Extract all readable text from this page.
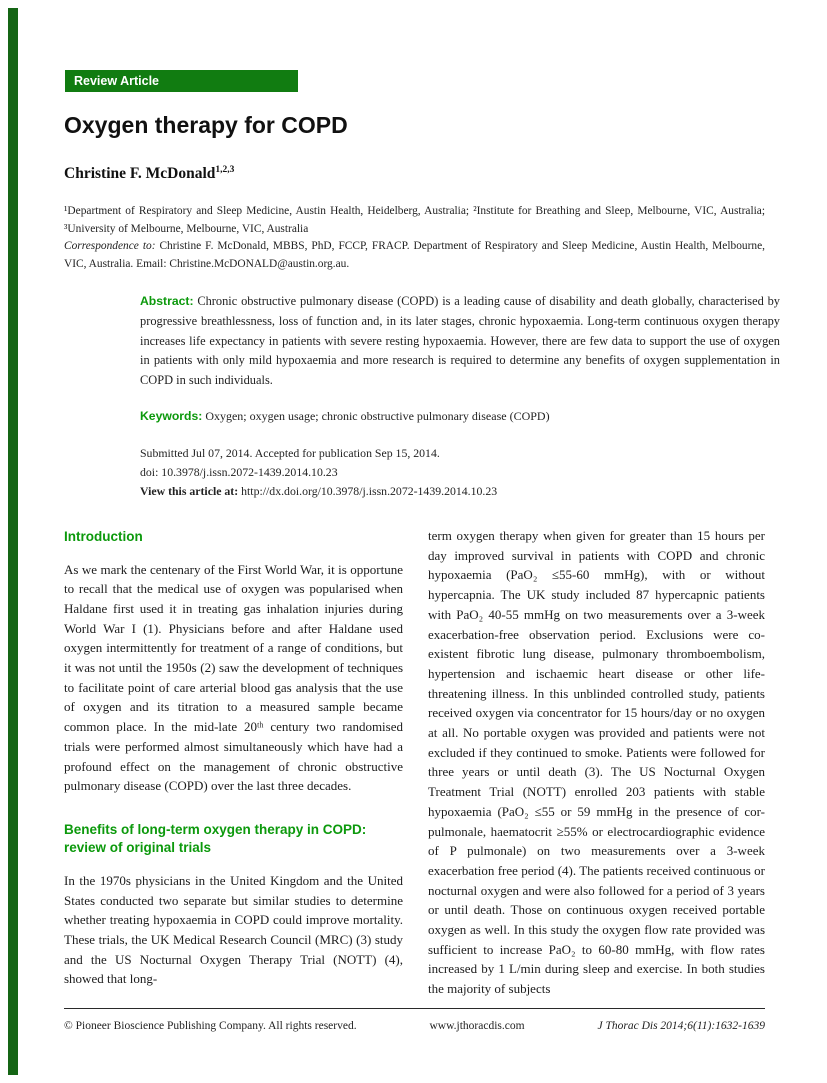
Review Article
Oxygen therapy for COPD
Christine F. McDonald$^{1,2,3}$
¹Department of Respiratory and Sleep Medicine, Austin Health, Heidelberg, Australia; ²Institute for Breathing and Sleep, Melbourne, VIC, Australia; ³University of Melbourne, Melbourne, VIC, Australia
Correspondence to: Christine F. McDonald, MBBS, PhD, FCCP, FRACP. Department of Respiratory and Sleep Medicine, Austin Health, Melbourne, VIC, Australia. Email: Christine.McDONALD@austin.org.au.
Abstract: Chronic obstructive pulmonary disease (COPD) is a leading cause of disability and death globally, characterised by progressive breathlessness, loss of function and, in its later stages, chronic hypoxaemia. Long-term continuous oxygen therapy increases life expectancy in patients with severe resting hypoxaemia. However, there are few data to support the use of oxygen in patients with only mild hypoxaemia and more research is required to determine any benefits of oxygen supplementation in COPD in such individuals.
Keywords: Oxygen; oxygen usage; chronic obstructive pulmonary disease (COPD)
Submitted Jul 07, 2014. Accepted for publication Sep 15, 2014.
doi: 10.3978/j.issn.2072-1439.2014.10.23
View this article at: http://dx.doi.org/10.3978/j.issn.2072-1439.2014.10.23
Introduction

As we mark the centenary of the First World War, it is opportune to recall that the medical use of oxygen was popularised when Haldane first used it in treating gas inhalation injuries during World War I (1). Physicians before and after Haldane used oxygen intermittently for treatment of a range of conditions, but it was not until the 1950s (2) saw the development of techniques to facilitate point of care arterial blood gas analysis that the use of oxygen and its titration to a measured sample became common place. In the mid-late 20ᵗʰ century two randomised trials were performed almost simultaneously which have had a profound effect on the management of chronic obstructive pulmonary disease (COPD) over the last three decades.

Benefits of long-term oxygen therapy in COPD: review of original trials

In the 1970s physicians in the United Kingdom and the United States conducted two separate but similar studies to determine whether treating hypoxaemia in COPD could improve mortality. These trials, the UK Medical Research Council (MRC) (3) study and the US Nocturnal Oxygen Therapy Trial (NOTT) (4), showed that long-

term oxygen therapy when given for greater than 15 hours per day improved survival in patients with COPD and chronic hypoxaemia (PaO₂ ≤55-60 mmHg), with or without hypercapnia. The UK study included 87 hypercapnic patients with PaO₂ 40-55 mmHg on two measurements over a 3-week exacerbation-free observation period. Exclusions were co-existent fibrotic lung disease, pulmonary thromboembolism, hypertension and ischaemic heart disease or other life-threatening illness. In this unblinded controlled study, patients received oxygen via concentrator for 15 hours/day or no oxygen at all. No portable oxygen was provided and patients were not excluded if they continued to smoke. Patients were followed for three years or until death (3). The US Nocturnal Oxygen Treatment Trial (NOTT) enrolled 203 patients with stable hypoxaemia (PaO₂ ≤55 or 59 mmHg in the presence of cor-pulmonale, haematocrit ≥55% or electrocardiographic evidence of P pulmonale) on two measurements over a 3-week exacerbation free period (4). The patients received continuous or nocturnal oxygen and were also followed for a period of 3 years or until death. Those on continuous oxygen received portable oxygen as well. In this study the oxygen flow rate provided was sufficient to increase PaO₂ to 60-80 mmHg, with flow rates increased by 1 L/min during sleep and exercise. In both studies the majority of subjects

© Pioneer Bioscience Publishing Company. All rights reserved.	www.jthoracdis.com	J Thorac Dis 2014;6(11):1632-1639
